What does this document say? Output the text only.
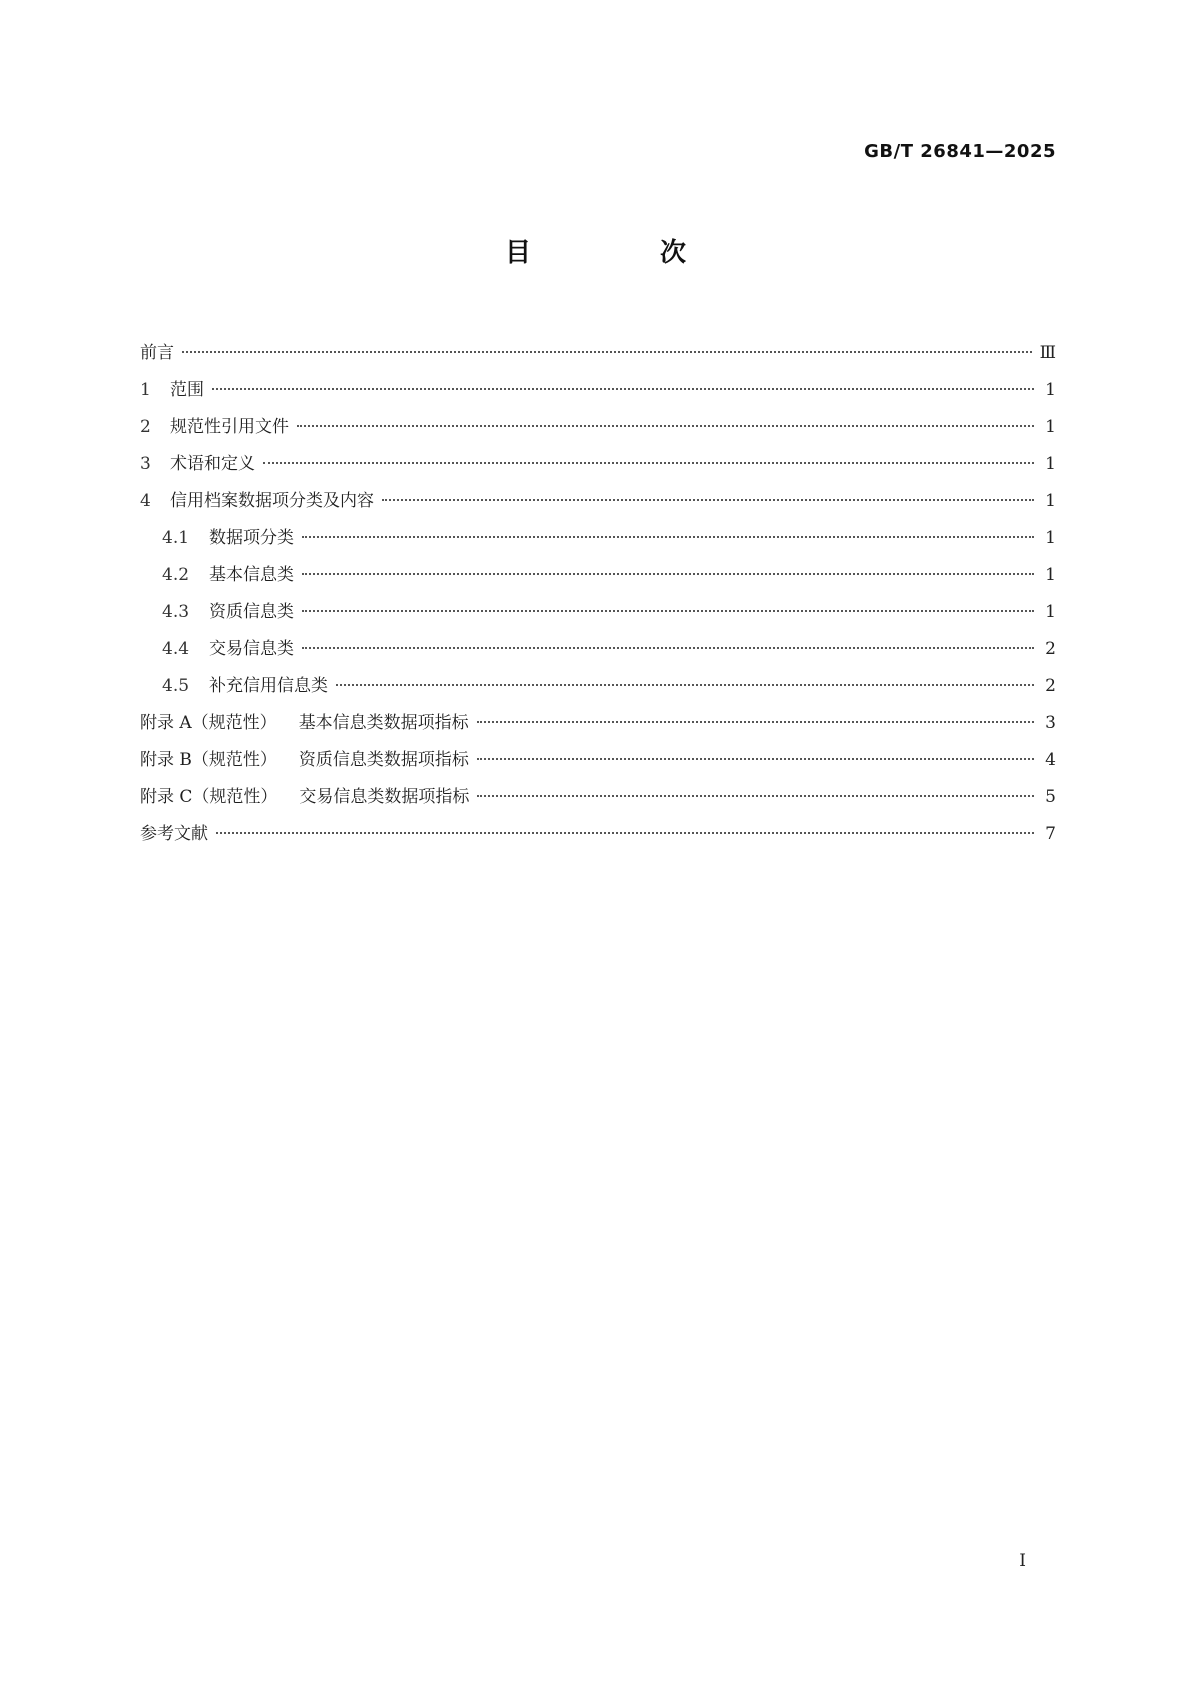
GB/T 26841—2025
目 次
前言	Ⅲ
1	范围	1
2	规范性引用文件	1
3	术语和定义	1
4	信用档案数据项分类及内容	1
4.1	数据项分类	1
4.2	基本信息类	1
4.3	资质信息类	1
4.4	交易信息类	2
4.5	补充信用信息类	2
附录 A（规范性） 基本信息类数据项指标	3
附录 B（规范性） 资质信息类数据项指标	4
附录 C（规范性） 交易信息类数据项指标	5
参考文献	7
Ⅰ
